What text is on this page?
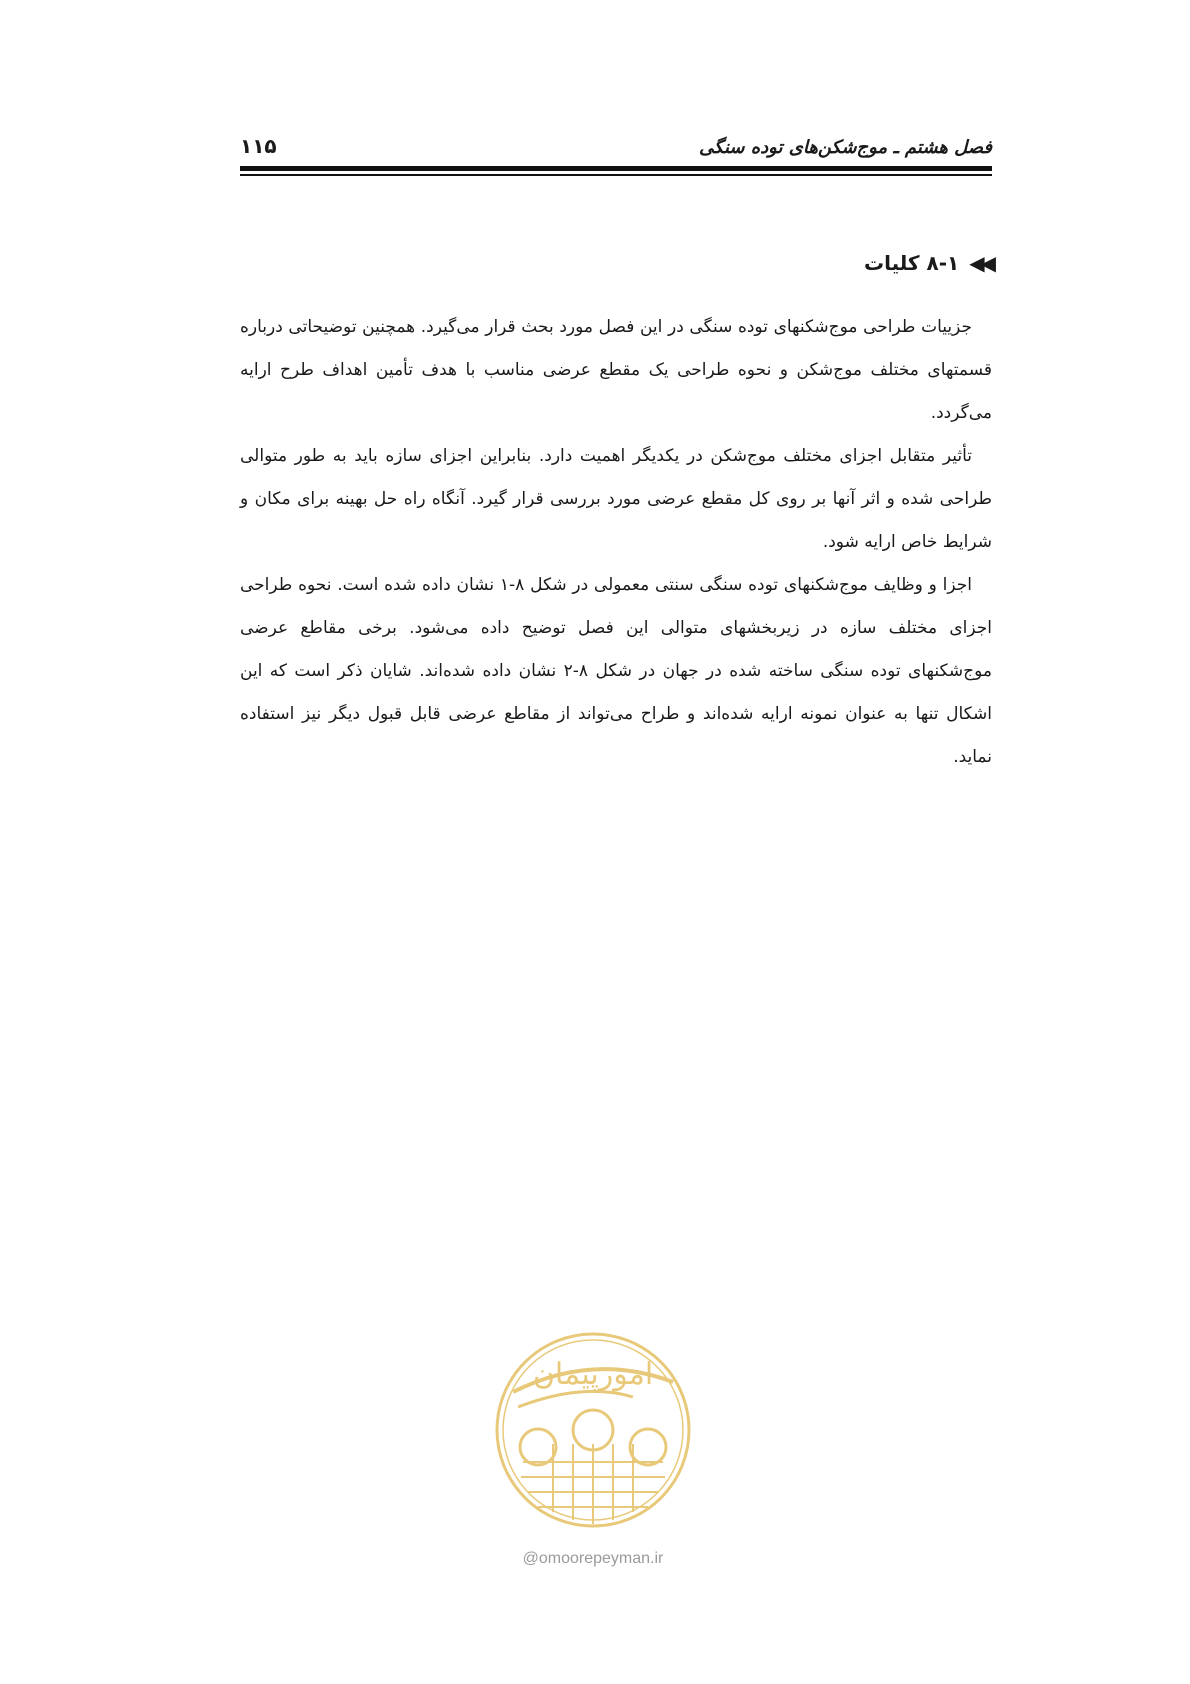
۱۱۵	فصل هشتم ـ موج‌شکن‌های توده سنگی
◀◀
۸-۱ کلیات

جزییات طراحی موج‌شکنهای توده سنگی در این فصل مورد بحث قرار می‌گیرد. همچنین توضیحاتی درباره قسمتهای مختلف موج‌شکن و نحوه طراحی یک مقطع عرضی مناسب با هدف تأمین اهداف طرح ارایه می‌گردد.

تأثیر متقابل اجزای مختلف موج‌شکن در یکدیگر اهمیت دارد. بنابراین اجزای سازه باید به طور متوالی طراحی شده و اثر آنها بر روی کل مقطع عرضی مورد بررسی قرار گیرد. آنگاه راه حل بهینه برای مکان و شرایط خاص ارایه شود.

اجزا و وظایف موج‌شکنهای توده سنگی سنتی معمولی در شکل ۸-۱ نشان داده شده است. نحوه طراحی اجزای مختلف سازه در زیربخشهای متوالی این فصل توضیح داده می‌شود. برخی مقاطع عرضی موج‌شکنهای توده سنگی ساخته شده در جهان در شکل ۸-۲ نشان داده شده‌اند. شایان ذکر است که این اشکال تنها به عنوان نمونه ارایه شده‌اند و طراح می‌تواند از مقاطع عرضی قابل قبول دیگر نیز استفاده نماید.

امورپیمان
@omoorepeyman.ir
